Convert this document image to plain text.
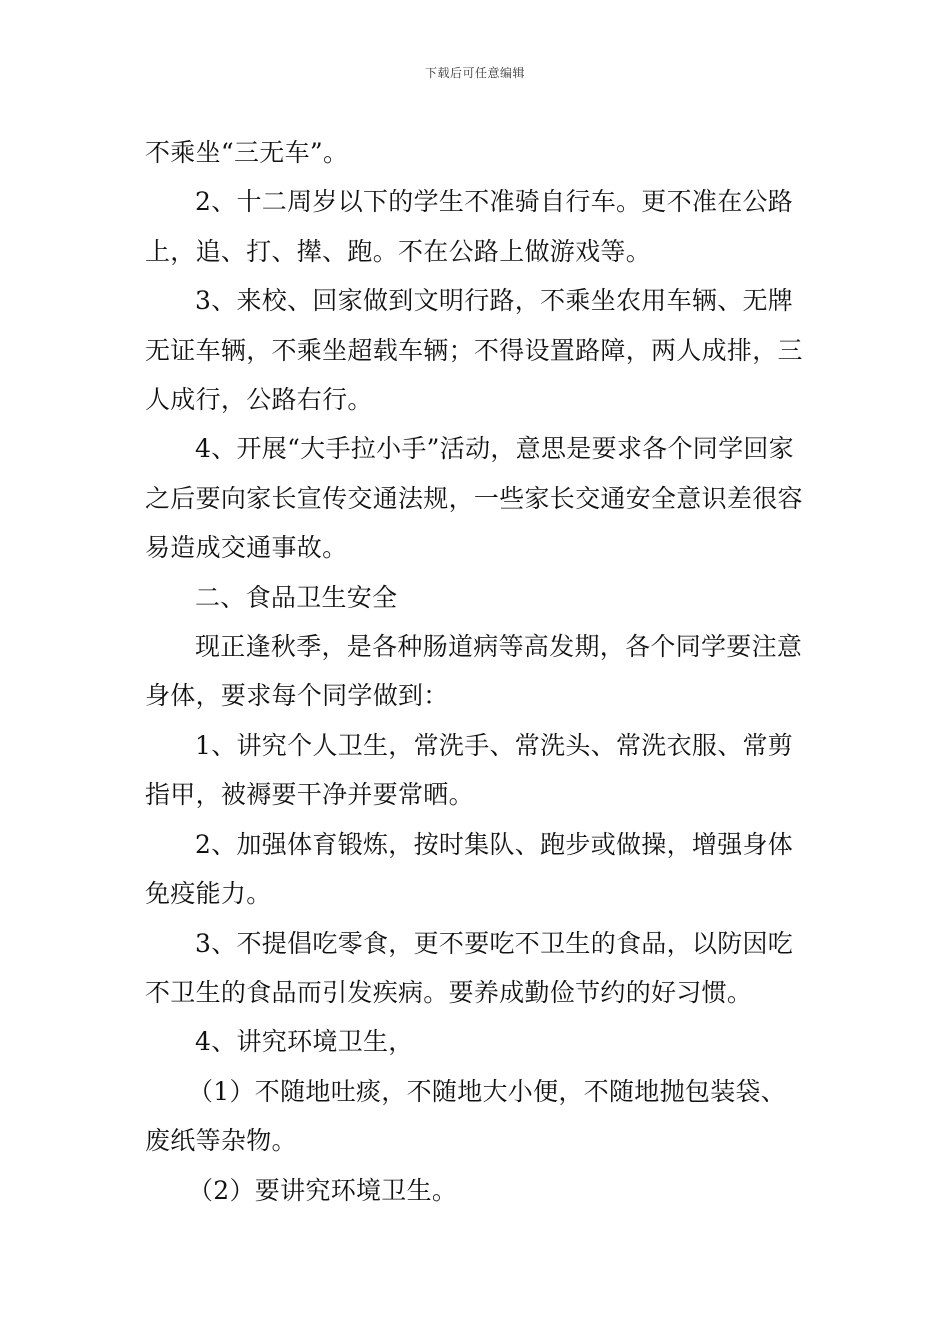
下载后可任意编辑

不乘坐“三无车”。

2、十二周岁以下的学生不准骑自行车。更不准在公路上，追、打、撵、跑。不在公路上做游戏等。

3、来校、回家做到文明行路，不乘坐农用车辆、无牌无证车辆，不乘坐超载车辆；不得设置路障，两人成排，三人成行，公路右行。

4、开展“大手拉小手”活动，意思是要求各个同学回家之后要向家长宣传交通法规，一些家长交通安全意识差很容易造成交通事故。

二、食品卫生安全

现正逢秋季，是各种肠道病等高发期，各个同学要注意身体，要求每个同学做到：

1、讲究个人卫生，常洗手、常洗头、常洗衣服、常剪指甲，被褥要干净并要常晒。

2、加强体育锻炼，按时集队、跑步或做操，增强身体免疫能力。

3、不提倡吃零食，更不要吃不卫生的食品，以防因吃不卫生的食品而引发疾病。要养成勤俭节约的好习惯。

4、讲究环境卫生，

（1）不随地吐痰，不随地大小便，不随地抛包装袋、废纸等杂物。

（2）要讲究环境卫生。
